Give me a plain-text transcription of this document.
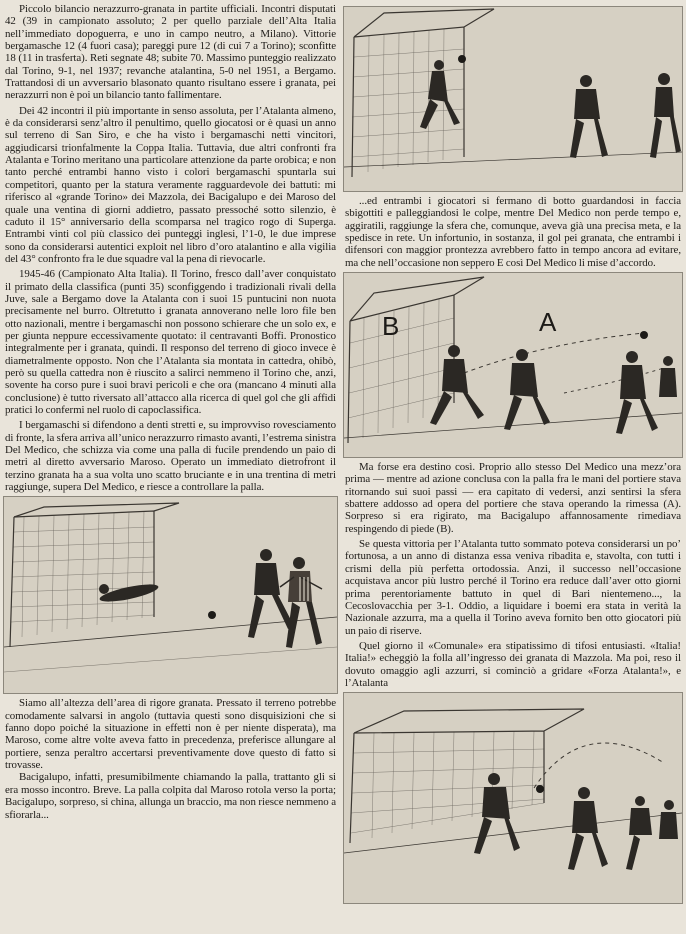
Piccolo bilancio nerazzurro-granata in partite ufficiali. Incontri disputati 42 (39 in campionato assoluto; 2 per quello parziale dell’Alta Italia nell’immediato dopoguerra, e uno in campo neutro, a Milano). Vittorie bergamasche 12 (4 fuori casa); pareggi pure 12 (di cui 7 a Torino); sconfitte 18 (11 in trasferta). Reti segnate 48; subite 70. Massimo punteggio realizzato dal Torino, 9-1, nel 1937; revanche atalantina, 5-0 nel 1951, a Bergamo. Trattandosi di un avversario blasonato quanto risultano essere i granata, pei nerazzurri non è poi un bilancio tanto fallimentare.

Dei 42 incontri il più importante in senso assoluta, per l’Atalanta almeno, è da considerarsi senz’altro il penultimo, quello giocatosi or è quasi un anno sul terreno di San Siro, e che ha visto i bergamaschi netti vincitori, aggiudicarsi trionfalmente la Coppa Italia. Tuttavia, due altri confronti fra Atalanta e Torino meritano una particolare attenzione da parte orobica; e non tanto perché entrambi hanno visto i colori bergamaschi spuntarla sui competitori, quanto per la statura veramente ragguardevole dei battuti: mi riferisco al «grande Torino» dei Mazzola, dei Bacigalupo e dei Maroso del quale una ventina di giorni addietro, passato pressoché sotto silenzio, è caduto il 15° anniversario della scomparsa nel tragico rogo di Superga. Entrambi vinti col più classico dei punteggi inglesi, l’1-0, le due imprese sono da considerarsi autentici exploit nel libro d’oro atalantino e alla vigilia del 43° confronto fra le due squadre val la pena di rievocarle.

1945-46 (Campionato Alta Italia). Il Torino, fresco dall’aver conquistato il primato della classifica (punti 35) sconfiggendo i tradizionali rivali della Juve, sale a Bergamo dove la Atalanta con i suoi 15 puntucini non nuota precisamente nel burro. Oltretutto i granata annoverano nelle loro file ben otto nazionali, mentre i bergamaschi non possono schierare che un solo ex, e per giunta neppure eccessivamente quotato: il centravanti Boffi. Pronostico integralmente per i granata, quindi. Il responso del terreno di gioco invece è diametralmente opposto. Non che l’Atalanta sia montata in cattedra, ohibò, però su quella cattedra non è riuscito a salirci nemmeno il Torino che, anzi, sovente ha corso pure i suoi bravi pericoli e che ora (mancano 4 minuti alla conclusione) è tutto riversato all’attacco alla ricerca di quel gol che gli affidi pratici lo confermi nel ruolo di capoclassifica.

I bergamaschi si difendono a denti stretti e, su improvviso rovesciamento di fronte, la sfera arriva all’unico nerazzurro rimasto avanti, l’estrema sinistra Del Medico, che schizza via come una palla di fucile prendendo un paio di metri al diretto avversario Maroso. Operato un immediato dietrofront il terzino granata ha a sua volta uno scatto bruciante e in una trentina di metri raggiunge, supera Del Medico, e riesce a controllare la palla.

Siamo all’altezza dell’area di rigore granata. Pressato il terreno potrebbe comodamente salvarsi in angolo (tuttavia questi sono disquisizioni che si fanno dopo poiché la situazione in effetti non è per niente disperata), ma Maroso, come altre volte aveva fatto in precedenza, preferisce allungare al portiere, senza peraltro accertarsi preventivamente dove questo di fatto si trovasse.

Bacigalupo, infatti, presumibilmente chiamando la palla, trattanto gli si era mosso incontro. Breve. La palla colpita dal Maroso rotola verso la porta; Bacigalupo, sorpreso, si china, allunga un braccio, ma non riesce nemmeno a sfiorarla...

...ed entrambi i giocatori si fermano di botto guardandosi in faccia sbigottiti e palleggiandosi le colpe, mentre Del Medico non perde tempo e, aggiratili, raggiunge la sfera che, comunque, aveva già una precisa meta, e la spedisce in rete. Un infortunio, in sostanza, il gol pei granata, che entrambi i difensori con maggior prontezza avrebbero fatto in tempo ancora ad evitare, ma che nell’occasione non seppero E così Del Medico li mise d’accordo.

B	A

Ma forse era destino così. Proprio allo stesso Del Medico una mezz’ora prima — mentre ad azione conclusa con la palla fra le mani del portiere stava ritornando sui suoi passi — era capitato di vedersi, anzi sentirsi la sfera sbattere addosso ad opera del portiere che stava operando la rimessa (A). Sorpreso si era rigirato, ma Bacigalupo affannosamente rimediava respingendo di piede (B).

Se questa vittoria per l’Atalanta tutto sommato poteva considerarsi un po’ fortunosa, a un anno di distanza essa veniva ribadita e, stavolta, con tutti i crismi della più perfetta ortodossia. Anzi, il successo nell’occasione acquistava ancor più lustro perché il Torino era reduce dall’aver otto giorni prima perentoriamente battuto in quel di Bari nientemeno..., la Cecoslovacchia per 3-1. Oddio, a liquidare i boemi era stata in verità la Nazionale azzurra, ma a quella il Torino aveva fornito ben otto giocatori più un paio di riserve.

Quel giorno il «Comunale» era stipatissimo di tifosi entusiasti. «Italia! Italia!» echeggiò la folla all’ingresso dei granata di Mazzola. Ma poi, reso il dovuto omaggio agli azzurri, si cominciò a gridare «Forza Atalanta!», e l’Atalanta
